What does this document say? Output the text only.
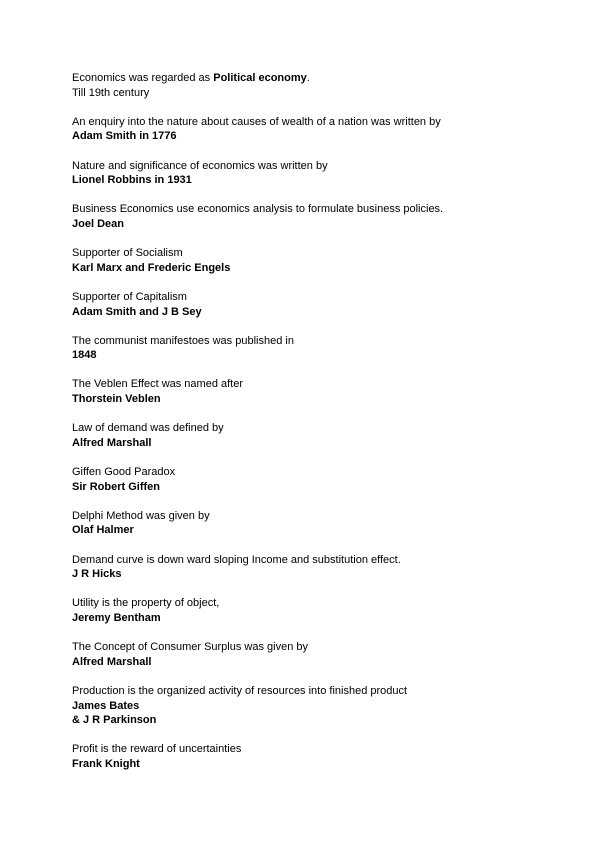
Economics was regarded as Political economy.
Till 19th century
An enquiry into the nature about causes of wealth of a nation was written by
Adam Smith in 1776
Nature and significance of economics was written by
Lionel Robbins in 1931
Business Economics use economics analysis to formulate business policies.
Joel Dean
Supporter of Socialism
Karl Marx and Frederic Engels
Supporter of Capitalism
Adam Smith and J B Sey
The communist manifestoes was published in
1848
The Veblen Effect was named after
Thorstein Veblen
Law of demand was defined by
Alfred Marshall
Giffen Good Paradox
Sir Robert Giffen
Delphi Method was given by
Olaf Halmer
Demand curve is down ward sloping Income and substitution effect.
J R Hicks
Utility is the property of object,
Jeremy Bentham
The Concept of Consumer Surplus was given by
Alfred Marshall
Production is the organized activity of resources into finished product
James Bates
& J R Parkinson
Profit is the reward of uncertainties
Frank Knight
